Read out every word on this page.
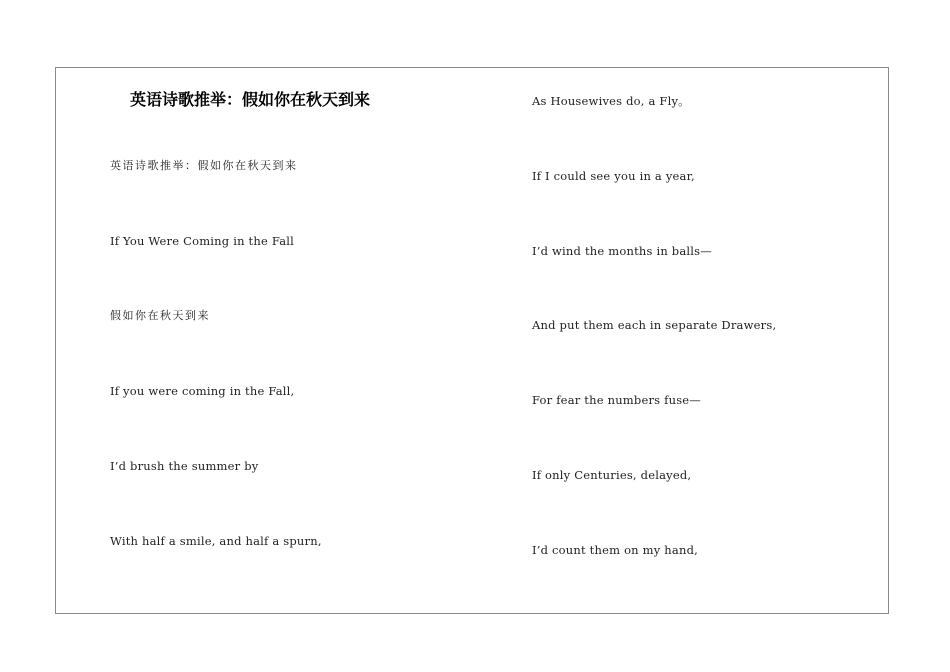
英语诗歌推举：假如你在秋天到来
英语诗歌推举：假如你在秋天到来
If You Were Coming in the Fall
假如你在秋天到来
If you were coming in the Fall,
I’d brush the summer by
With half a smile, and half a spurn,
As Housewives do, a Fly。
If I could see you in a year,
I’d wind the months in balls—
And put them each in separate Drawers,
For fear the numbers fuse—
If only Centuries, delayed,
I’d count them on my hand,
